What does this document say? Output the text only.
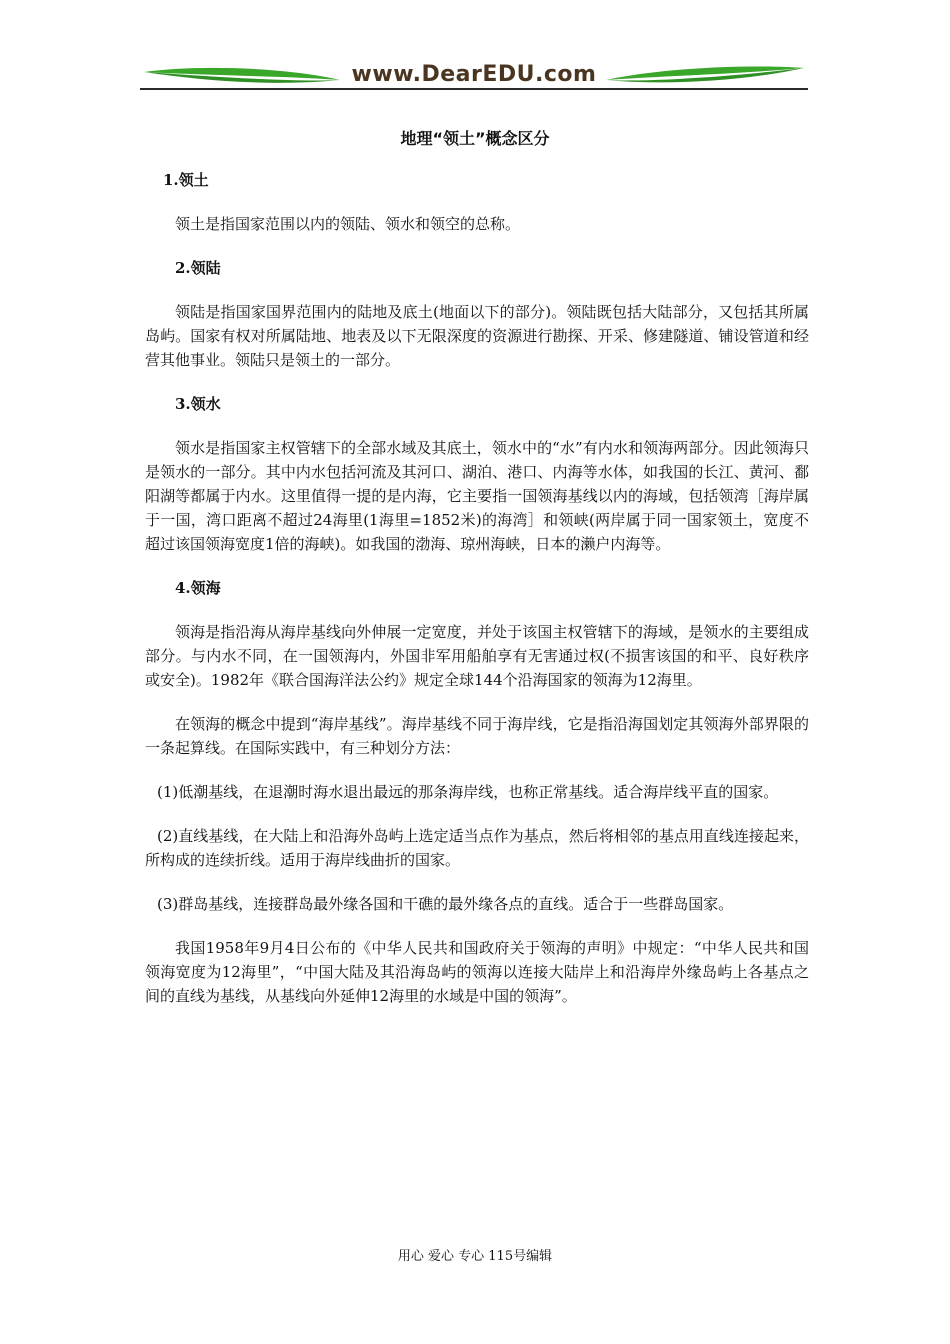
www.DearEDU.com
地理“领土”概念区分

1.领土

领土是指国家范围以内的领陆、领水和领空的总称。

2.领陆

领陆是指国家国界范围内的陆地及底土(地面以下的部分)。领陆既包括大陆部分，又包括其所属岛屿。国家有权对所属陆地、地表及以下无限深度的资源进行勘探、开采、修建隧道、铺设管道和经营其他事业。领陆只是领土的一部分。

3.领水

领水是指国家主权管辖下的全部水域及其底土，领水中的“水”有内水和领海两部分。因此领海只是领水的一部分。其中内水包括河流及其河口、湖泊、港口、内海等水体，如我国的长江、黄河、鄱阳湖等都属于内水。这里值得一提的是内海，它主要指一国领海基线以内的海域，包括领湾［海岸属于一国，湾口距离不超过24海里(1海里=1852米)的海湾］和领峡(两岸属于同一国家领土，宽度不超过该国领海宽度1倍的海峡)。如我国的渤海、琼州海峡，日本的濑户内海等。

4.领海

领海是指沿海从海岸基线向外伸展一定宽度，并处于该国主权管辖下的海域，是领水的主要组成部分。与内水不同，在一国领海内，外国非军用船舶享有无害通过权(不损害该国的和平、良好秩序或安全)。1982年《联合国海洋法公约》规定全球144个沿海国家的领海为12海里。

在领海的概念中提到“海岸基线”。海岸基线不同于海岸线，它是指沿海国划定其领海外部界限的一条起算线。在国际实践中，有三种划分方法：

(1)低潮基线，在退潮时海水退出最远的那条海岸线，也称正常基线。适合海岸线平直的国家。

(2)直线基线，在大陆上和沿海外岛屿上选定适当点作为基点，然后将相邻的基点用直线连接起来，所构成的连续折线。适用于海岸线曲折的国家。

(3)群岛基线，连接群岛最外缘各国和干礁的最外缘各点的直线。适合于一些群岛国家。

我国1958年9月4日公布的《中华人民共和国政府关于领海的声明》中规定：“中华人民共和国领海宽度为12海里”，“中国大陆及其沿海岛屿的领海以连接大陆岸上和沿海岸外缘岛屿上各基点之间的直线为基线，从基线向外延伸12海里的水域是中国的领海”。

用心 爱心 专心 115号编辑
